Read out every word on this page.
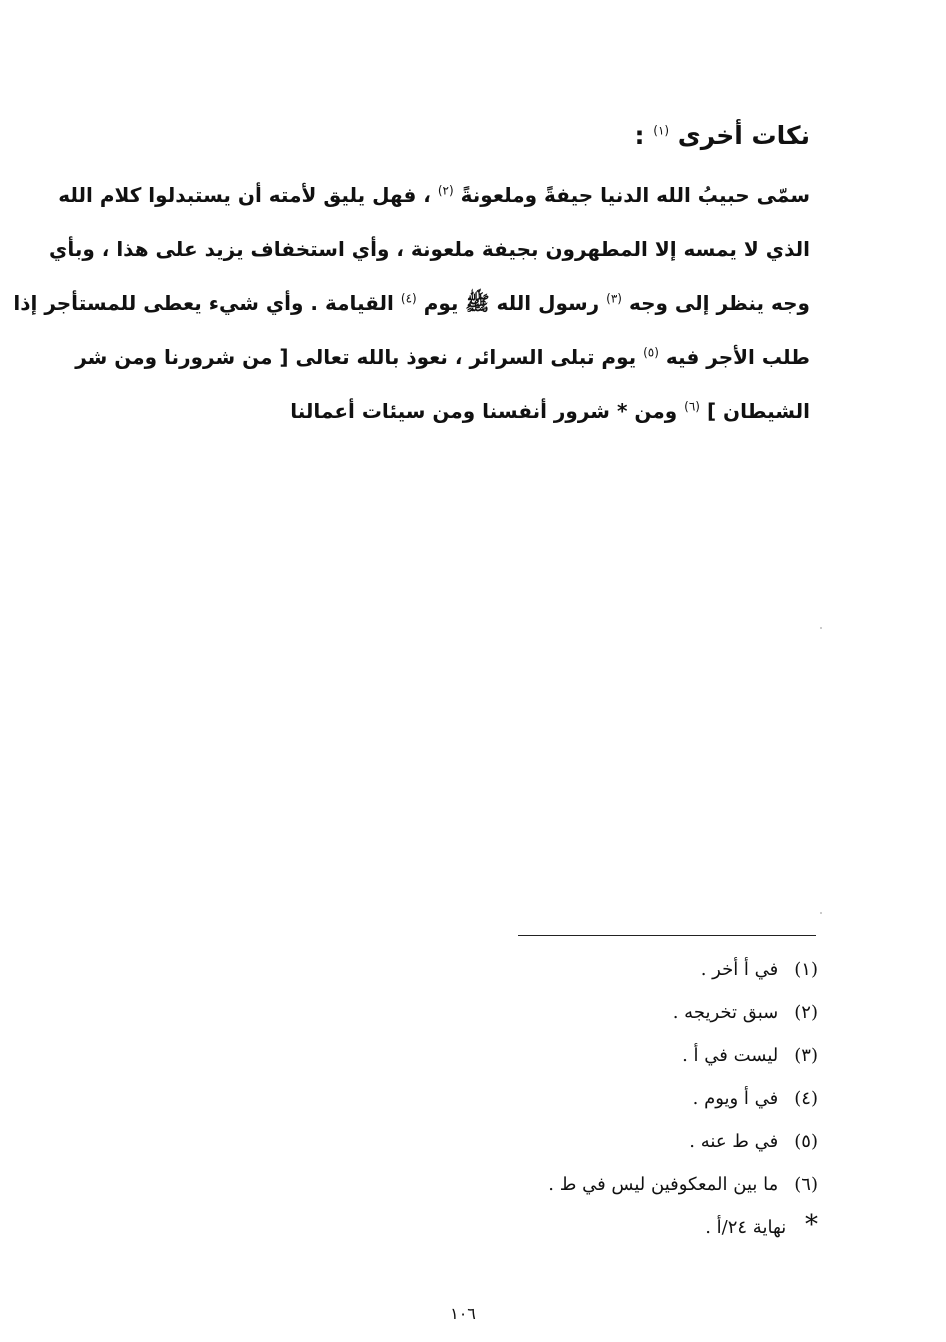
نكات أخرى $^{(١)}$ :
سمّى حبيبُ الله الدنيا جيفةً وملعونةً $^{(٢)}$ ، فهل يليق لأمته أن يستبدلوا كلام الله
الذي لا يمسه إلا المطهرون بجيفة ملعونة ، وأي استخفاف يزيد على هذا ، وبأي
وجه ينظر إلى وجه $^{(٣)}$ رسول الله ﷺ يوم $^{(٤)}$ القيامة . وأي شيء يعطى للمستأجر إذا
طلب الأجر فيه $^{(٥)}$ يوم تبلى السرائر ، نعوذ بالله تعالى [ من شرورنا ومن شر
الشيطان ] $^{(٦)}$ ومن * شرور أنفسنا ومن سيئات أعمالنا
(١) في أ أخر .
(٢) سبق تخريجه .
(٣) ليست في أ .
(٤) في أ ويوم .
(٥) في ط عنه .
(٦) ما بين المعكوفين ليس في ط .
* نهاية ٢٤/أ .
١٠٦
